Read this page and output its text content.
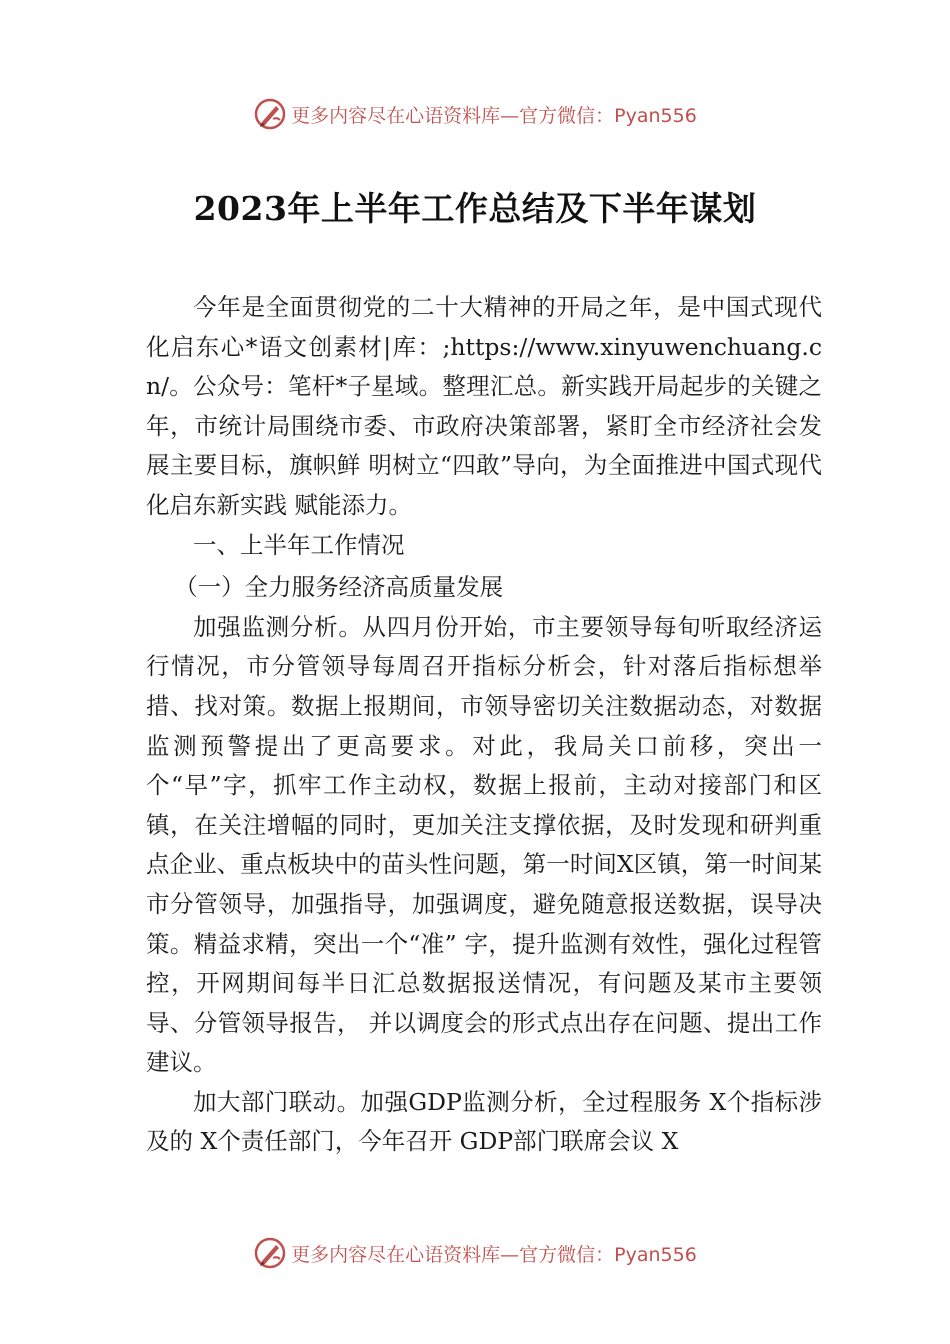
更多内容尽在心语资料库—官方微信：Pyan556
2023年上半年工作总结及下半年谋划

今年是全面贯彻党的二十大精神的开局之年，是中国式现代化启东心*语文创素材|库：;https://www.xinyuwenchuang.cn/。公众号：笔杆*子星域。整理汇总。新实践开局起步的关键之年，市统计局围绕市委、市政府决策部署，紧盯全市经济社会发展主要目标，旗帜鲜 明树立“四敢”导向，为全面推进中国式现代化启东新实践 赋能添力。

一、上半年工作情况

（一）全力服务经济高质量发展

加强监测分析。从四月份开始，市主要领导每旬听取经济运行情况，市分管领导每周召开指标分析会，针对落后指标想举措、找对策。数据上报期间，市领导密切关注数据动态，对数据监测预警提出了更高要求。对此，我局关口前移，突出一个“早”字，抓牢工作主动权，数据上报前，主动对接部门和区镇，在关注增幅的同时，更加关注支撑依据，及时发现和研判重点企业、重点板块中的苗头性问题，第一时间X区镇，第一时间某市分管领导，加强指导，加强调度，避免随意报送数据，误导决策。精益求精，突出一个“准” 字，提升监测有效性，强化过程管控，开网期间每半日汇总数据报送情况，有问题及某市主要领导、分管领导报告， 并以调度会的形式点出存在问题、提出工作建议。

加大部门联动。加强GDP监测分析，全过程服务 X个指标涉及的 X个责任部门，今年召开 GDP部门联席会议 X

更多内容尽在心语资料库—官方微信：Pyan556
